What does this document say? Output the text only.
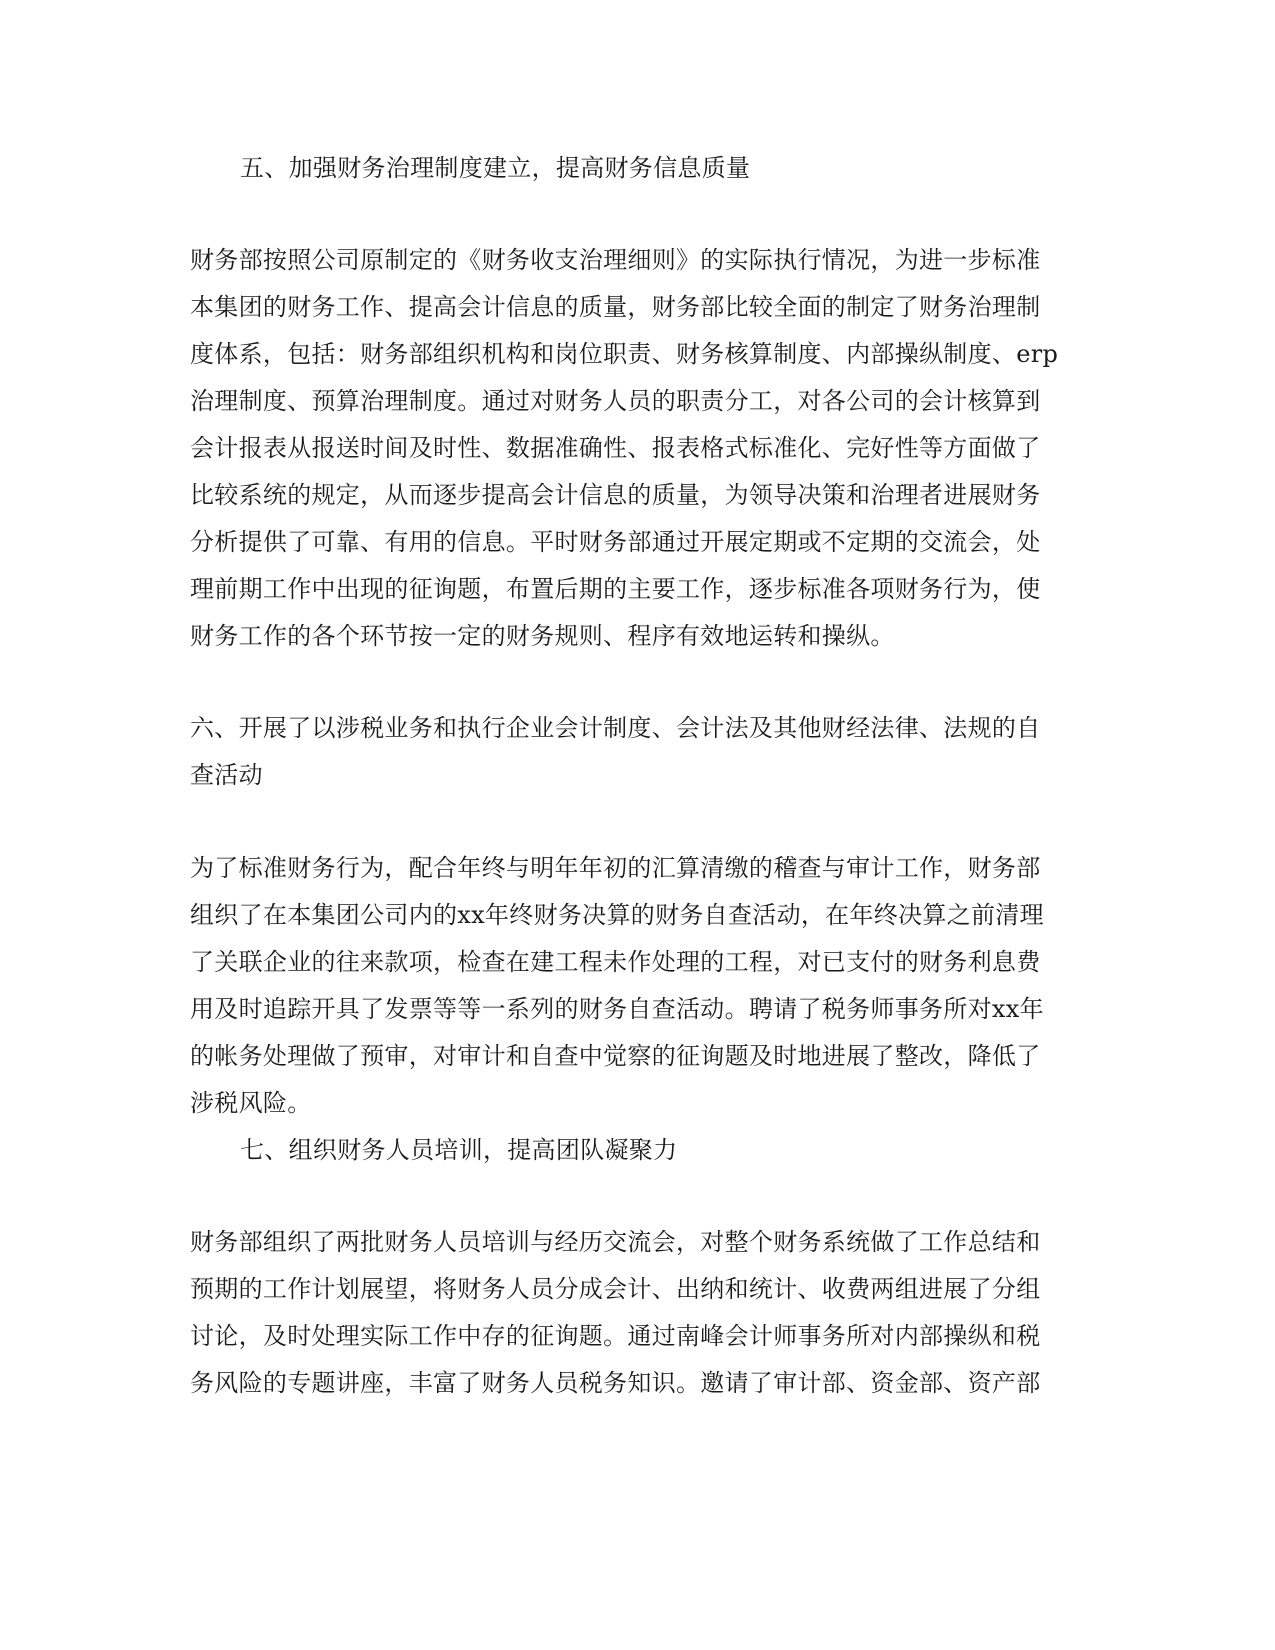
五、加强财务治理制度建立，提高财务信息质量
财务部按照公司原制定的《财务收支治理细则》的实际执行情况，为进一步标准
本集团的财务工作、提高会计信息的质量，财务部比较全面的制定了财务治理制
度体系，包括：财务部组织机构和岗位职责、财务核算制度、内部操纵制度、erp
治理制度、预算治理制度。通过对财务人员的职责分工，对各公司的会计核算到
会计报表从报送时间及时性、数据准确性、报表格式标准化、完好性等方面做了
比较系统的规定，从而逐步提高会计信息的质量，为领导决策和治理者进展财务
分析提供了可靠、有用的信息。平时财务部通过开展定期或不定期的交流会，处
理前期工作中出现的征询题，布置后期的主要工作，逐步标准各项财务行为，使
财务工作的各个环节按一定的财务规则、程序有效地运转和操纵。
六、开展了以涉税业务和执行企业会计制度、会计法及其他财经法律、法规的自
查活动
为了标准财务行为，配合年终与明年年初的汇算清缴的稽查与审计工作，财务部
组织了在本集团公司内的xx年终财务决算的财务自查活动，在年终决算之前清理
了关联企业的往来款项，检查在建工程未作处理的工程，对已支付的财务利息费
用及时追踪开具了发票等等一系列的财务自查活动。聘请了税务师事务所对xx年
的帐务处理做了预审，对审计和自查中觉察的征询题及时地进展了整改，降低了
涉税风险。
七、组织财务人员培训，提高团队凝聚力
财务部组织了两批财务人员培训与经历交流会，对整个财务系统做了工作总结和
预期的工作计划展望，将财务人员分成会计、出纳和统计、收费两组进展了分组
讨论，及时处理实际工作中存的征询题。通过南峰会计师事务所对内部操纵和税
务风险的专题讲座，丰富了财务人员税务知识。邀请了审计部、资金部、资产部
